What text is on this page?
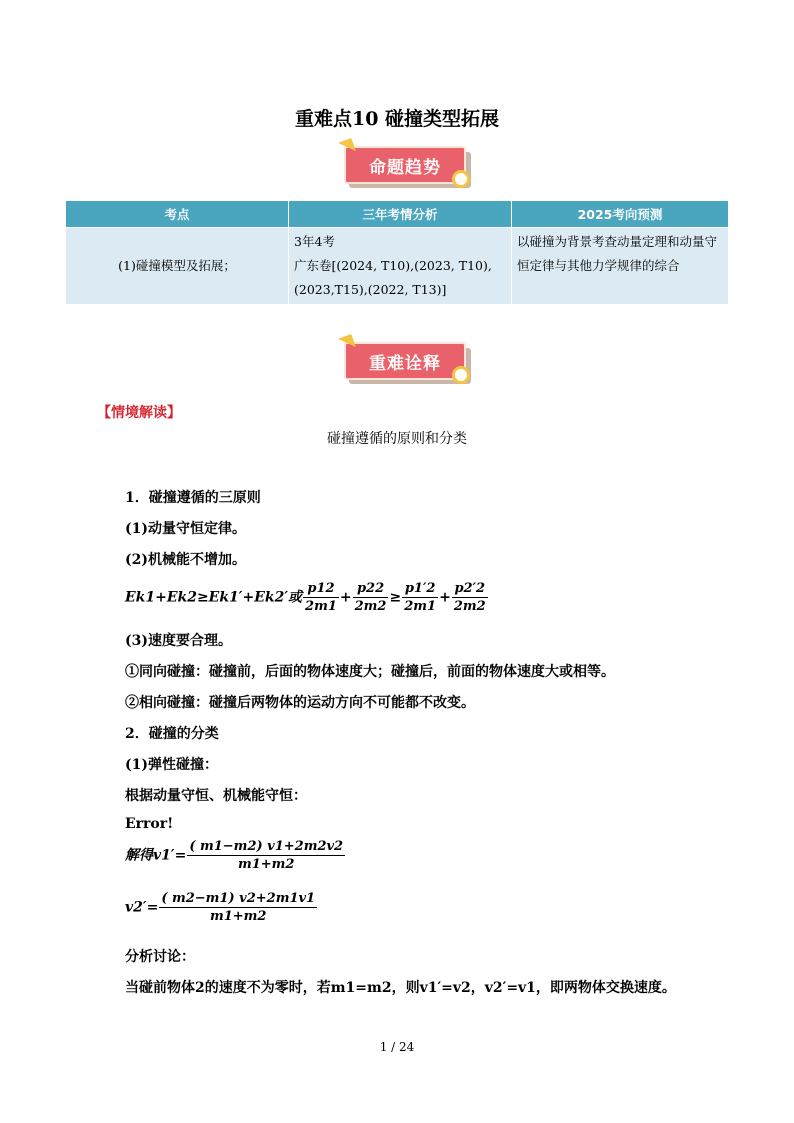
重难点10 碰撞类型拓展
命题趋势
考点	三年考情分析	2025考向预测
(1)碰撞模型及拓展；	3年4考
广东卷[(2024, T10),(2023, T10),
(2023,T15),(2022, T13)]	以碰撞为背景考查动量定理和动量守恒定律与其他力学规律的综合
重难诠释
【情境解读】
碰撞遵循的原则和分类
1．碰撞遵循的三原则
(1)动量守恒定律。
(2)机械能不增加。
Ek1+Ek2≥Ek1′+Ek2′或 $\frac{p12}{2m1} + \frac{p22}{2m2} \ge \frac{p1'2}{2m1} + \frac{p2'2}{2m2}$
(3)速度要合理。
①同向碰撞：碰撞前，后面的物体速度大；碰撞后，前面的物体速度大或相等。
②相向碰撞：碰撞后两物体的运动方向不可能都不改变。
2．碰撞的分类
(1)弹性碰撞：
根据动量守恒、机械能守恒：
Error!
解得$v1'= \frac{( m1-m2) v1+2m2v2}{m1+m2}$
$v2'= \frac{( m2-m1) v2+2m1v1}{m1+m2}$
分析讨论：
当碰前物体2的速度不为零时，若m1=m2，则v1′=v2，v2′=v1，即两物体交换速度。
1 / 24
